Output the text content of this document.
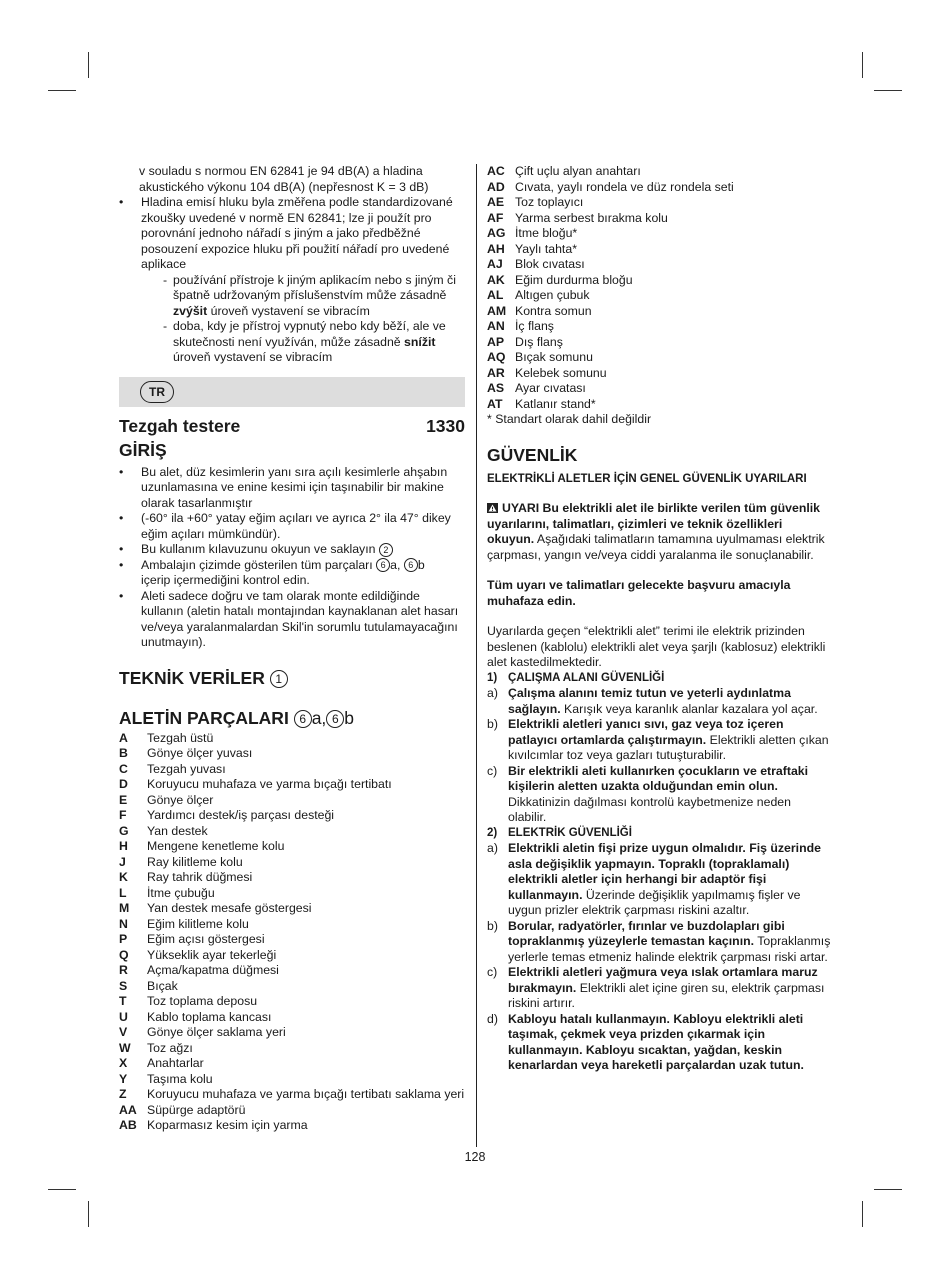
v souladu s normou EN 62841 je 94 dB(A) a hladina akustického výkonu 104 dB(A) (nepřesnost K = 3 dB)

• Hladina emisí hluku byla změřena podle standardizované zkoušky uvedené v normě EN 62841; lze ji použít pro porovnání jednoho nářadí s jiným a jako předběžné posouzení expozice hluku při použití nářadí pro uvedené aplikace
- používání přístroje k jiným aplikacím nebo s jiným či špatně udržovaným příslušenstvím může zásadně zvýšit úroveň vystavení se vibracím
- doba, kdy je přístroj vypnutý nebo kdy běží, ale ve skutečnosti není využíván, může zásadně snížit úroveň vystavení se vibracím
TR
Tezgah testere	1330
GİRİŞ
• Bu alet, düz kesimlerin yanı sıra açılı kesimlerle ahşabın uzunlamasına ve enine kesimi için taşınabilir bir makine olarak tasarlanmıştır
• (-60° ila +60° yatay eğim açıları ve ayrıca 2° ila 47° dikey eğim açıları mümkündür).
• Bu kullanım kılavuzunu okuyun ve saklayın 2
• Ambalajın çizimde gösterilen tüm parçaları 6 a, 6 b
içerip içermediğini kontrol edin.
• Aleti sadece doğru ve tam olarak monte edildiğinde kullanın (aletin hatalı montajından kaynaklanan alet hasarı ve/veya yaralanmalardan Skil'in sorumlu tutulamayacağını unutmayın).
TEKNİK VERİLER 1
ALETİN PARÇALARI 6 a, 6 b
A	Tezgah üstü
B	Gönye ölçer yuvası
C	Tezgah yuvası
D	Koruyucu muhafaza ve yarma bıçağı tertibatı
E	Gönye ölçer
F	Yardımcı destek/iş parçası desteği
G	Yan destek
H	Mengene kenetleme kolu
J	Ray kilitleme kolu
K	Ray tahrik düğmesi
L	İtme çubuğu
M	Yan destek mesafe göstergesi
N	Eğim kilitleme kolu
P	Eğim açısı göstergesi
Q	Yükseklik ayar tekerleği
R	Açma/kapatma düğmesi
S	Bıçak
T	Toz toplama deposu
U	Kablo toplama kancası
V	Gönye ölçer saklama yeri
W	Toz ağzı
X	Anahtarlar
Y	Taşıma kolu
Z	Koruyucu muhafaza ve yarma bıçağı tertibatı saklama yeri
AA	Süpürge adaptörü
AB	Koparmasız kesim için yarma
AC	Çift uçlu alyan anahtarı
AD	Cıvata, yaylı rondela ve düz rondela seti
AE	Toz toplayıcı
AF	Yarma serbest bırakma kolu
AG	İtme bloğu*
AH	Yaylı tahta*
AJ	Blok cıvatası
AK	Eğim durdurma bloğu
AL	Altıgen çubuk
AM	Kontra somun
AN	İç flanş
AP	Dış flanş
AQ	Bıçak somunu
AR	Kelebek somunu
AS	Ayar cıvatası
AT	Katlanır stand*

* Standart olarak dahil değildir

GÜVENLİK
ELEKTRİKLİ ALETLER İÇİN GENEL GÜVENLİK UYARILARI

UYARI Bu elektrikli alet ile birlikte verilen tüm güvenlik uyarılarını, talimatları, çizimleri ve teknik özellikleri okuyun. Aşağıdaki talimatların tamamına uyulmaması elektrik çarpması, yangın ve/veya ciddi yaralanma ile sonuçlanabilir.

Tüm uyarı ve talimatları gelecekte başvuru amacıyla muhafaza edin.

Uyarılarda geçen “elektrikli alet” terimi ile elektrik prizinden beslenen (kablolu) elektrikli alet veya şarjlı (kablosuz) elektrikli alet kastedilmektedir.

1) ÇALIŞMA ALANI GÜVENLİĞİ
a) Çalışma alanını temiz tutun ve yeterli aydınlatma sağlayın. Karışık veya karanlık alanlar kazalara yol açar.
b) Elektrikli aletleri yanıcı sıvı, gaz veya toz içeren patlayıcı ortamlarda çalıştırmayın. Elektrikli aletten çıkan kıvılcımlar toz veya gazları tutuşturabilir.
c) Bir elektrikli aleti kullanırken çocukların ve etraftaki kişilerin aletten uzakta olduğundan emin olun. Dikkatinizin dağılması kontrolü kaybetmenize neden olabilir.
2) ELEKTRİK GÜVENLİĞİ
a) Elektrikli aletin fişi prize uygun olmalıdır. Fiş üzerinde asla değişiklik yapmayın. Topraklı (topraklamalı) elektrikli aletler için herhangi bir adaptör fişi kullanmayın. Üzerinde değişiklik yapılmamış fişler ve uygun prizler elektrik çarpması riskini azaltır.
b) Borular, radyatörler, fırınlar ve buzdolapları gibi topraklanmış yüzeylerle temastan kaçının. Topraklanmış yerlerle temas etmeniz halinde elektrik çarpması riski artar.
c) Elektrikli aletleri yağmura veya ıslak ortamlara maruz bırakmayın. Elektrikli alet içine giren su, elektrik çarpması riskini artırır.
d) Kabloyu hatalı kullanmayın. Kabloyu elektrikli aleti taşımak, çekmek veya prizden çıkarmak için kullanmayın. Kabloyu sıcaktan, yağdan, keskin kenarlardan veya hareketli parçalardan uzak tutun.
128
